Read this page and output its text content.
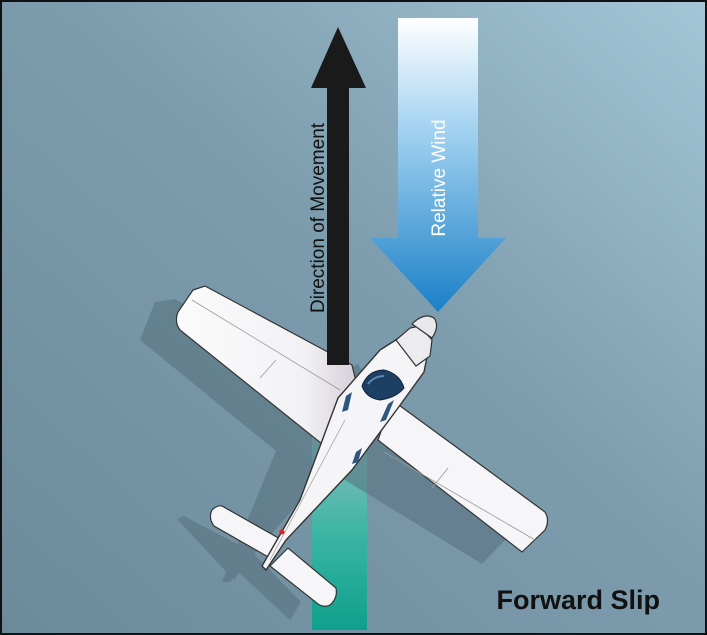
Direction of Movement	Relative Wind
Forward Slip
